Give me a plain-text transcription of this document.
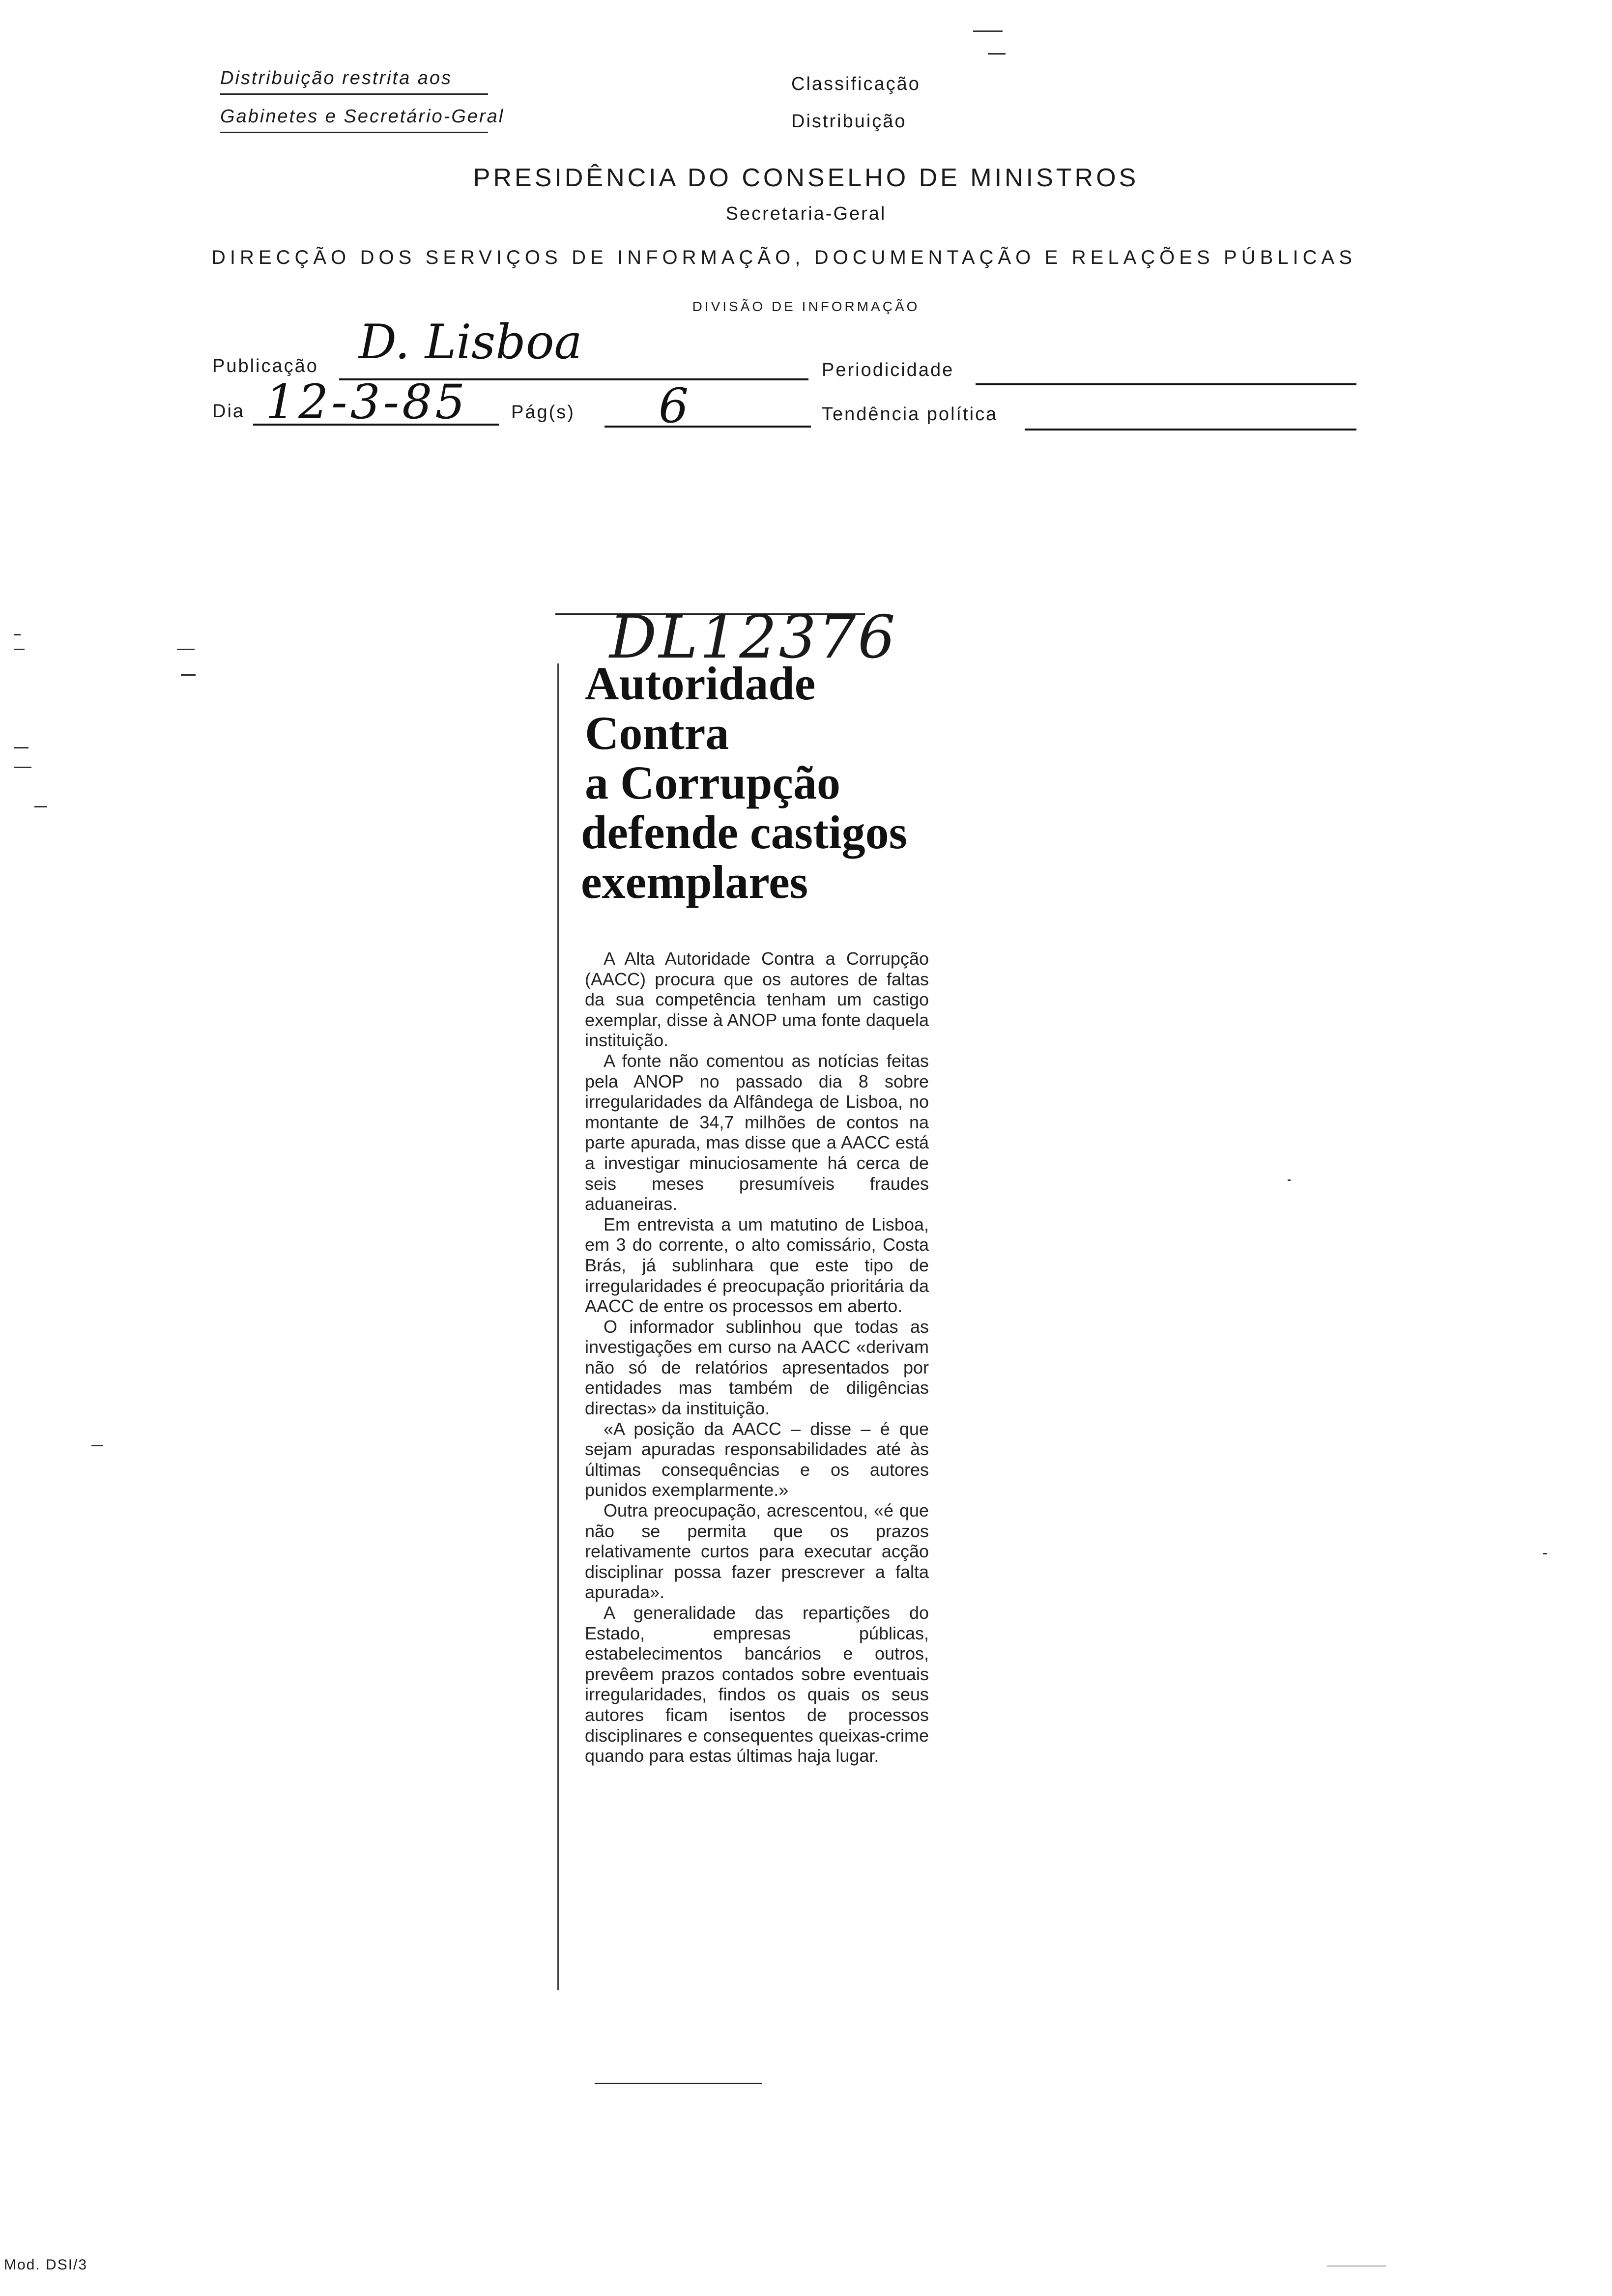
Distribuição restrita aos
Gabinetes e Secretário-Geral
Classificação
Distribuição
PRESIDÊNCIA DO CONSELHO DE MINISTROS
Secretaria-Geral
DIRECÇÃO DOS SERVIÇOS DE INFORMAÇÃO, DOCUMENTAÇÃO E RELAÇÕES PÚBLICAS
DIVISÃO DE INFORMAÇÃO
Publicação D. Lisboa
Periodicidade
Dia 12-3-85 Pág(s) 6	Tendência política
DL12376
Autoridade
Contra
a Corrupção
defende castigos
exemplares

A Alta Autoridade Contra a Corrupção (AACC) procura que os autores de faltas da sua competência tenham um castigo exemplar, disse à ANOP uma fonte daquela instituição.

A fonte não comentou as notícias feitas pela ANOP no passado dia 8 sobre irregularidades da Alfândega de Lisboa, no montante de 34,7 milhões de contos na parte apurada, mas disse que a AACC está a investigar minuciosamente há cerca de seis meses presumíveis fraudes aduaneiras.

Em entrevista a um matutino de Lisboa, em 3 do corrente, o alto comissário, Costa Brás, já sublinhara que este tipo de irregularidades é preocupação prioritária da AACC de entre os processos em aberto.

O informador sublinhou que todas as investigações em curso na AACC «derivam não só de relatórios apresentados por entidades mas também de diligências directas» da instituição.

«A posição da AACC – disse – é que sejam apuradas responsabilidades até às últimas consequências e os autores punidos exemplarmente.»

Outra preocupação, acrescentou, «é que não se permita que os prazos relativamente curtos para executar acção disciplinar possa fazer prescrever a falta apurada».

A generalidade das repartições do Estado, empresas públicas, estabelecimentos bancários e outros, prevêem prazos contados sobre eventuais irregularidades, findos os quais os seus autores ficam isentos de processos disciplinares e consequentes queixas-crime quando para estas últimas haja lugar.

Mod. DSI/3
